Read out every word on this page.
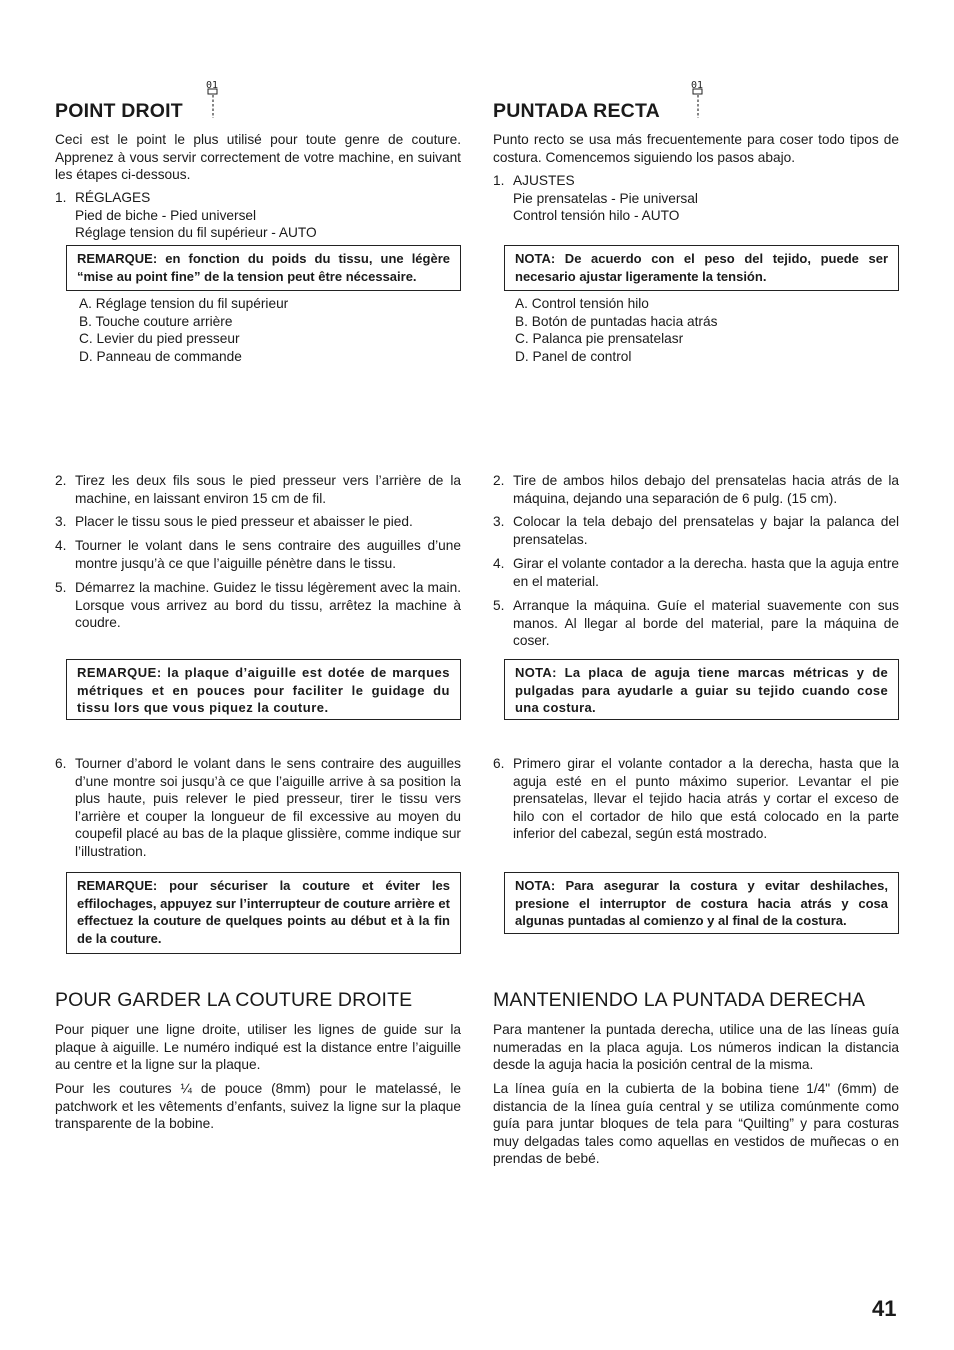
POINT DROIT
01
Ceci est le point le plus utilisé pour toute genre de couture. Apprenez à vous servir correctement de votre machine, en suivant les étapes ci-dessous.
1. RÉGLAGES
Pied de biche - Pied universel
Réglage tension du fil supérieur - AUTO
REMARQUE: en fonction du poids du tissu, une légère “mise au point fine” de la tension peut être nécessaire.
A. Réglage tension du fil supérieur
B. Touche couture arrière
C. Levier du pied presseur
D. Panneau de commande
2. Tirez les deux fils sous le pied presseur vers l’arrière de la machine, en laissant environ 15 cm de fil.
3. Placer le tissu sous le pied presseur et abaisser le pied.
4. Tourner le volant dans le sens contraire des auguilles d’une montre jusqu’à ce que l’aiguille pénètre dans le tissu.
5. Démarrez la machine. Guidez le tissu légèrement avec la main. Lorsque vous arrivez au bord du tissu, arrêtez la machine à coudre.
REMARQUE: la plaque d’aiguille est dotée de marques métriques et en pouces pour faciliter le guidage du tissu lors que vous piquez la couture.
6. Tourner d’abord le volant dans le sens contraire des auguilles d’une montre soi jusqu’à ce que l’aiguille arrive à sa position la plus haute, puis relever le pied presseur, tirer le tissu vers l’arrière et couper la longueur de fil excessive au moyen du coupefil placé au bas de la plaque glissière, comme indique sur l’illustration.
REMARQUE: pour sécuriser la couture et éviter les effilochages, appuyez sur l’interrupteur de couture arrière et effectuez la couture de quelques points au début et à la fin de la couture.
POUR GARDER LA COUTURE DROITE
Pour piquer une ligne droite, utiliser les lignes de guide sur la plaque à aiguille. Le numéro indiqué est la distance entre l’aiguille au centre et la ligne sur la plaque.
Pour les coutures ¼ de pouce (8mm) pour le matelassé, le patchwork et les vêtements d’enfants, suivez la ligne sur la plaque transparente de la bobine.
PUNTADA RECTA
01
Punto recto se usa más frecuentemente para coser todo tipos de costura. Comencemos siguiendo los pasos abajo.
1. AJUSTES
Pie prensatelas - Pie universal
Control tensión hilo - AUTO
NOTA: De acuerdo con el peso del tejido, puede ser necesario ajustar ligeramente la tensión.
A. Control tensión hilo
B. Botón de puntadas hacia atrás
C. Palanca pie prensatelasr
D. Panel de control
2. Tire de ambos hilos debajo del prensatelas hacia atrás de la máquina, dejando una separación de 6 pulg. (15 cm).
3. Colocar la tela debajo del prensatelas y bajar la palanca del prensatelas.
4. Girar el volante contador a la derecha. hasta que la aguja entre en el material.
5. Arranque la máquina. Guíe el material suavemente con sus manos. Al llegar al borde del material, pare la máquina de coser.
NOTA: La placa de aguja tiene marcas métricas y de pulgadas para ayudarle a guiar su tejido cuando cose una costura.
6. Primero girar el volante contador a la derecha, hasta que la aguja esté en el punto máximo superior. Levantar el pie prensatelas, llevar el tejido hacia atrás y cortar el exceso de hilo con el cortador de hilo que está colocado en la parte inferior del cabezal, según está mostrado.
NOTA: Para asegurar la costura y evitar deshilaches, presione el interruptor de costura hacia atrás y cosa algunas puntadas al comienzo y al final de la costura.
MANTENIENDO LA PUNTADA DERECHA
Para mantener la puntada derecha, utilice una de las líneas guía numeradas en la placa aguja. Los números indican la distancia desde la aguja hacia la posición central de la misma.
La línea guía en la cubierta de la bobina tiene 1/4" (6mm) de distancia de la línea guía central y se utiliza comúnmente como guía para juntar bloques de tela para “Quilting” y para costuras muy delgadas tales como aquellas en vestidos de muñecas o en prendas de bebé.
41
